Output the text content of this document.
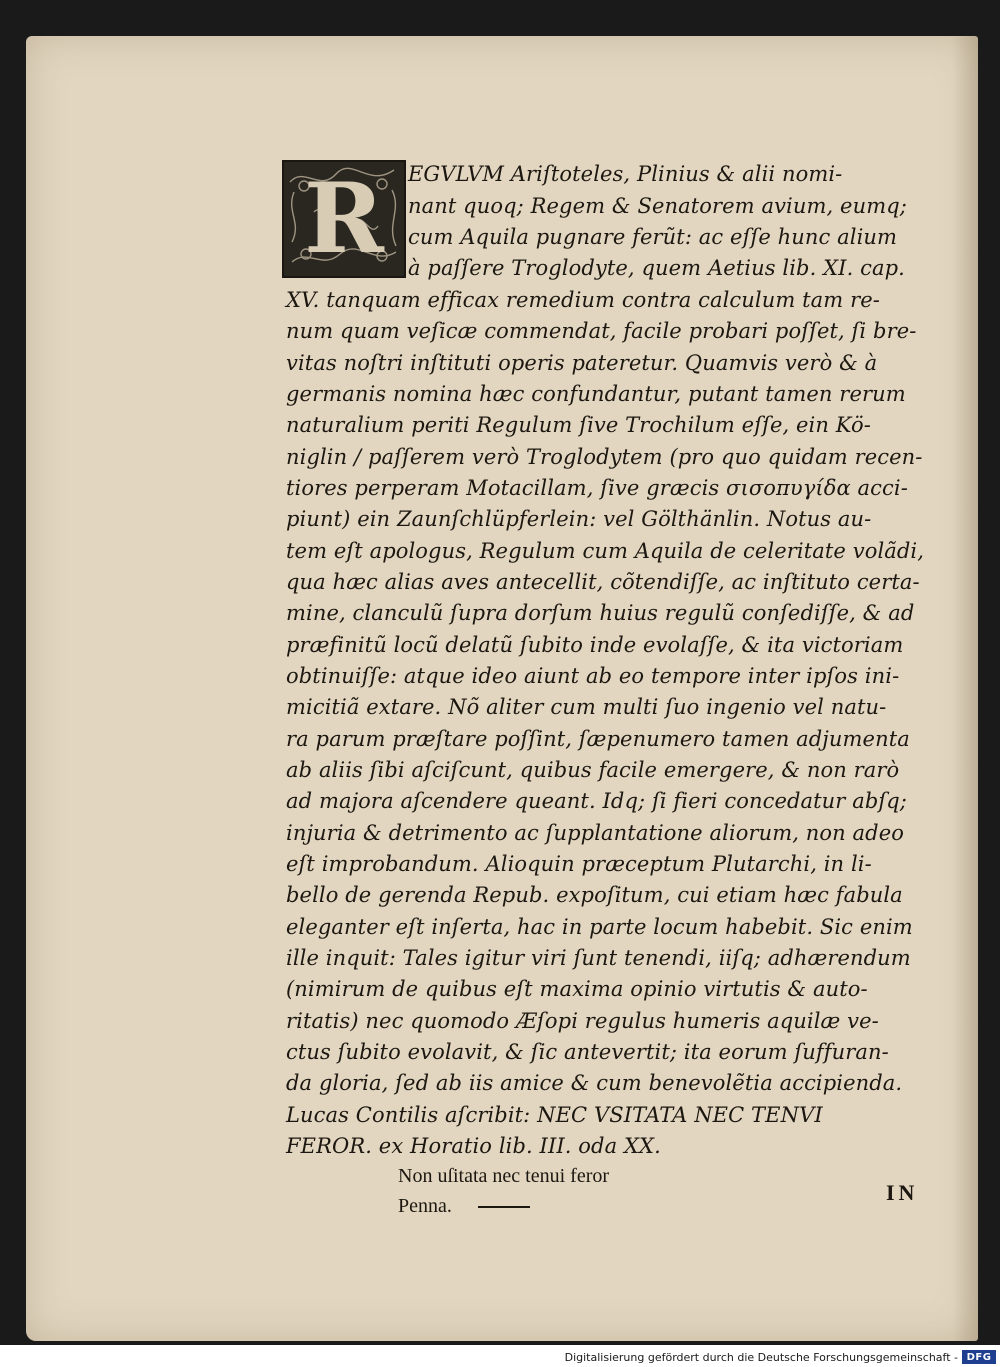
R EGVLVM Ariſtoteles, Plinius & alii nomi-
nant quoq; Regem & Senatorem avium, eumq;
cum Aquila pugnare ferũt: ac eſſe hunc alium
à paſſere Troglodyte, quem Aetius lib. XI. cap.
XV. tanquam efficax remedium contra calculum tam re-
num quam veſicæ commendat, facile probari poſſet, ſi bre-
vitas noſtri inſtituti operis pateretur. Quamvis verò & à
germanis nomina hæc confundantur, putant tamen rerum
naturalium periti Regulum ſive Trochilum eſſe, ein Kö-
niglin / paſſerem verò Troglodytem (pro quo quidam recen-
tiores perperam Motacillam, ſive græcis σισοπυγίδα acci-
piunt) ein Zaunſchlüpferlein: vel Gölthänlin. Notus au-
tem eſt apologus, Regulum cum Aquila de celeritate volãdi,
qua hæc alias aves antecellit, cõtendiſſe, ac inſtituto certa-
mine, clanculũ ſupra dorſum huius regulũ conſediſſe, & ad
præfinitũ locũ delatũ ſubito inde evolaſſe, & ita victoriam
obtinuiſſe: atque ideo aiunt ab eo tempore inter ipſos ini-
micitiã extare. Nõ aliter cum multi ſuo ingenio vel natu-
ra parum præſtare poſſint, ſæpenumero tamen adjumenta
ab aliis ſibi aſciſcunt, quibus facile emergere, & non rarò
ad majora aſcendere queant. Idq; ſi fieri concedatur abſq;
injuria & detrimento ac ſupplantatione aliorum, non adeo
eſt improbandum. Alioquin præceptum Plutarchi, in li-
bello de gerenda Repub. expoſitum, cui etiam hæc fabula
eleganter eſt inſerta, hac in parte locum habebit. Sic enim
ille inquit: Tales igitur viri ſunt tenendi, iiſq; adhærendum
(nimirum de quibus eſt maxima opinio virtutis & auto-
ritatis) nec quomodo Æſopi regulus humeris aquilæ ve-
ctus ſubito evolavit, & ſic antevertit; ita eorum ſuffuran-
da gloria, ſed ab iis amice & cum benevolẽtia accipienda.
Lucas Contilis aſcribit: NEC VSITATA NEC TENVI
FEROR. ex Horatio lib. III. oda XX.
Non uſitata nec tenui feror
Penna.
IN
Digitalisierung gefördert durch die Deutsche Forschungsgemeinschaft - DFG
